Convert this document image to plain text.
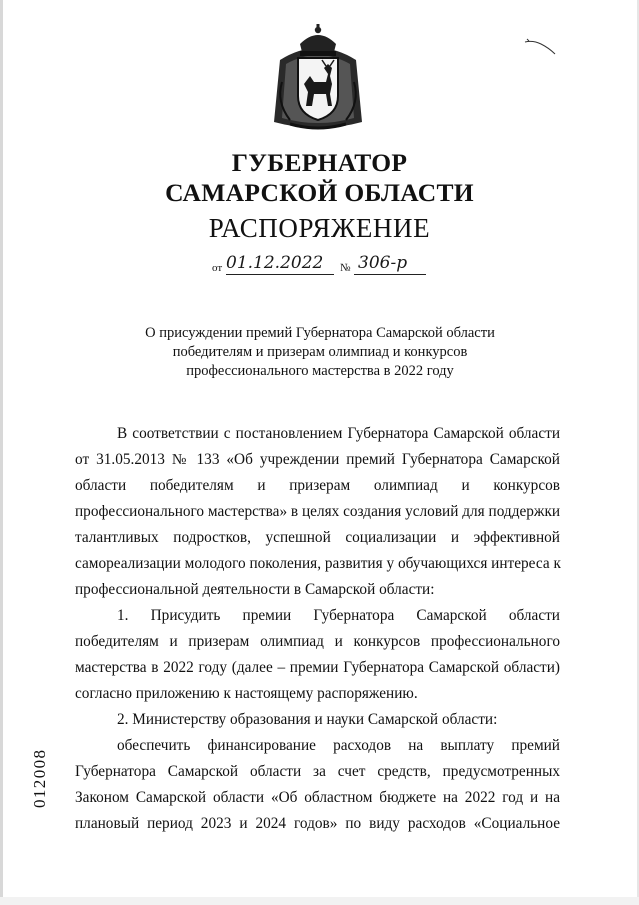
ГУБЕРНАТОР
САМАРСКОЙ ОБЛАСТИ
РАСПОРЯЖЕНИЕ
от 01.12.2022 № 306-р
О присуждении премий Губернатора Самарской области
победителям и призерам олимпиад и конкурсов
профессионального мастерства в 2022 году
В соответствии с постановлением Губернатора Самарской области
от 31.05.2013 № 133 «Об учреждении премий Губернатора Самарской
области победителям и призерам олимпиад и конкурсов
профессионального мастерства» в целях создания условий для поддержки
талантливых подростков, успешной социализации и эффективной
самореализации молодого поколения, развития у обучающихся интереса к
профессиональной деятельности в Самарской области:
1. Присудить премии Губернатора Самарской области
победителям и призерам олимпиад и конкурсов профессионального
мастерства в 2022 году (далее – премии Губернатора Самарской области)
согласно приложению к настоящему распоряжению.
2. Министерству образования и науки Самарской области:
обеспечить финансирование расходов на выплату премий
Губернатора Самарской области за счет средств, предусмотренных
Законом Самарской области «Об областном бюджете на 2022 год и на
плановый период 2023 и 2024 годов» по виду расходов «Социальное
012008
